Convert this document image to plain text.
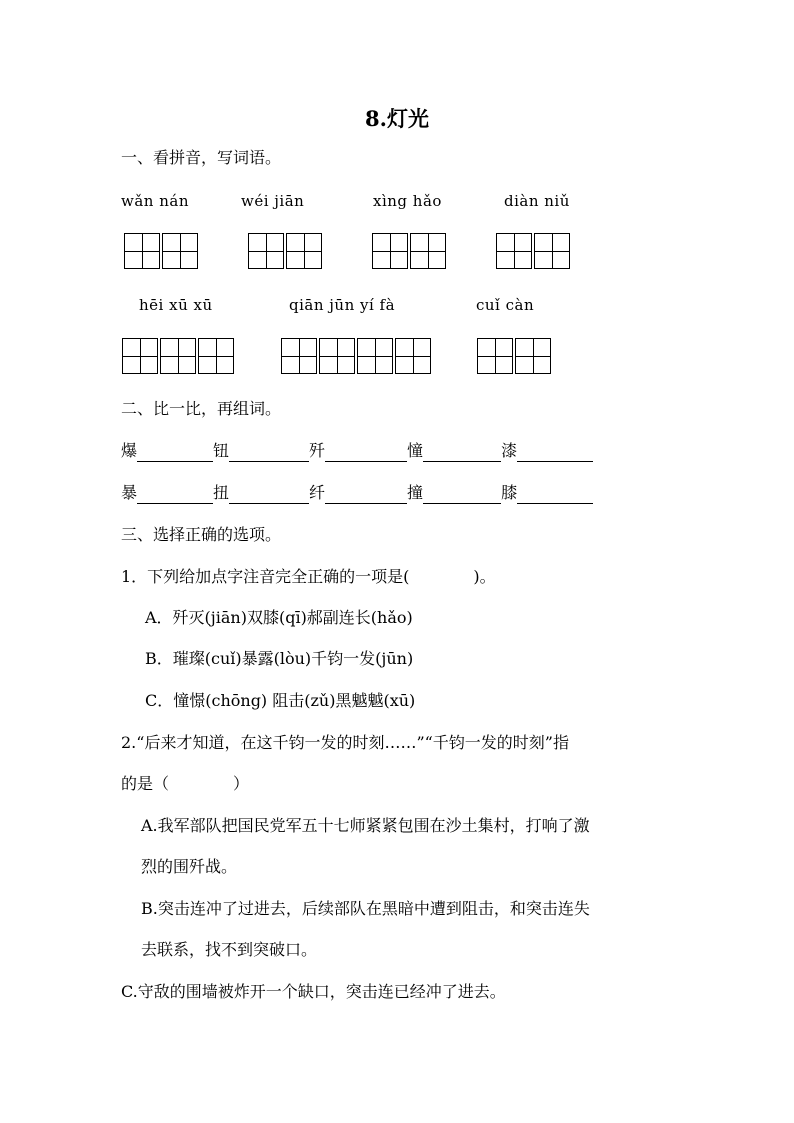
8.灯光
一、看拼音，写词语。
wǎn nán	wéi jiān	xìng hǎo	diàn niǔ
hēi xū xū	qiān jūn yí fà	cuǐ càn
二、比一比，再组词。
爆	钮	歼	憧	漆
暴	扭	纤	撞	膝
三、选择正确的选项。
1．下列给加点字注音完全正确的一项是(　　　　)。
A．歼灭(jiān)双膝(qī)郝副连长(hǎo)
B．璀璨(cuǐ)暴露(lòu)千钧一发(jūn)
C．憧憬(chōng) 阻击(zǔ)黑魆魆(xū)
2.“后来才知道，在这千钧一发的时刻……”“千钧一发的时刻”指
的是（　　　　）
A.我军部队把国民党军五十七师紧紧包围在沙土集村，打响了激
烈的围歼战。
B.突击连冲了过进去，后续部队在黑暗中遭到阻击，和突击连失
去联系，找不到突破口。
C.守敌的围墙被炸开一个缺口，突击连已经冲了进去。
